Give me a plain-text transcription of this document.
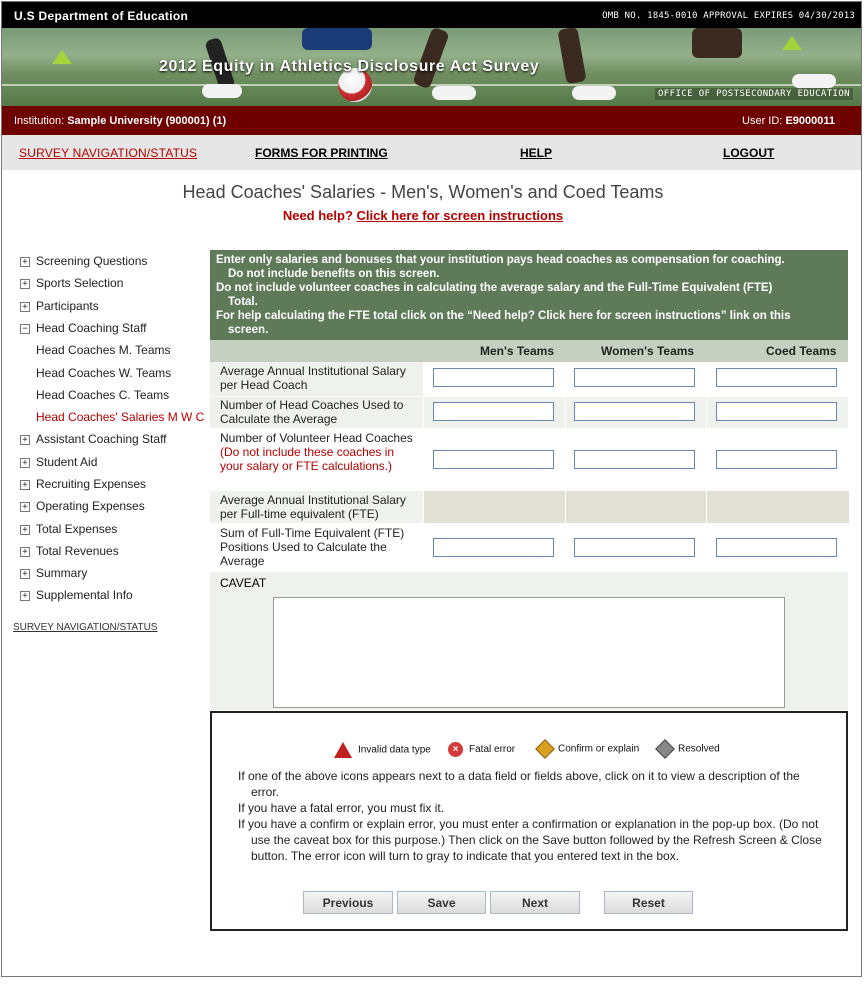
U.S Department of Education	OMB NO. 1845-0010 APPROVAL EXPIRES 04/30/2013
2012 Equity in Athletics Disclosure Act Survey
OFFICE OF POSTSECONDARY EDUCATION
Institution: Sample University (900001) (1)	User ID: E9000011
SURVEY NAVIGATION/STATUS	FORMS FOR PRINTING	HELP	LOGOUT
Head Coaches' Salaries - Men's, Women's and Coed Teams
Need help? Click here for screen instructions
+ Screening Questions
+ Sports Selection
+ Participants
− Head Coaching Staff
Head Coaches M. Teams
Head Coaches W. Teams
Head Coaches C. Teams
Head Coaches' Salaries M W C
+ Assistant Coaching Staff
+ Student Aid
+ Recruiting Expenses
+ Operating Expenses
+ Total Expenses
+ Total Revenues
+ Summary
+ Supplemental Info
SURVEY NAVIGATION/STATUS

Enter only salaries and bonuses that your institution pays head coaches as compensation for coaching.

Do not include benefits on this screen.

Do not include volunteer coaches in calculating the average salary and the Full-Time Equivalent (FTE)

Total.

For help calculating the FTE total click on the “Need help? Click here for screen instructions” link on this

screen.

Men's Teams	Women's Teams	Coed Teams
Average Annual Institutional Salary per Head Coach
Number of Head Coaches Used to Calculate the Average
Number of Volunteer Head Coaches (Do not include these coaches in your salary or FTE calculations.)
Average Annual Institutional Salary per Full-time equivalent (FTE)
Sum of Full-Time Equivalent (FTE) Positions Used to Calculate the Average
CAVEAT
Invalid data type	× Fatal error	Confirm or explain	Resolved

If one of the above icons appears next to a data field or fields above, click on it to view a description of the error.

If you have a fatal error, you must fix it.

If you have a confirm or explain error, you must enter a confirmation or explanation in the pop-up box. (Do not use the caveat box for this purpose.) Then click on the Save button followed by the Refresh Screen & Close button. The error icon will turn to gray to indicate that you entered text in the box.

Previous	Save	Next	Reset
